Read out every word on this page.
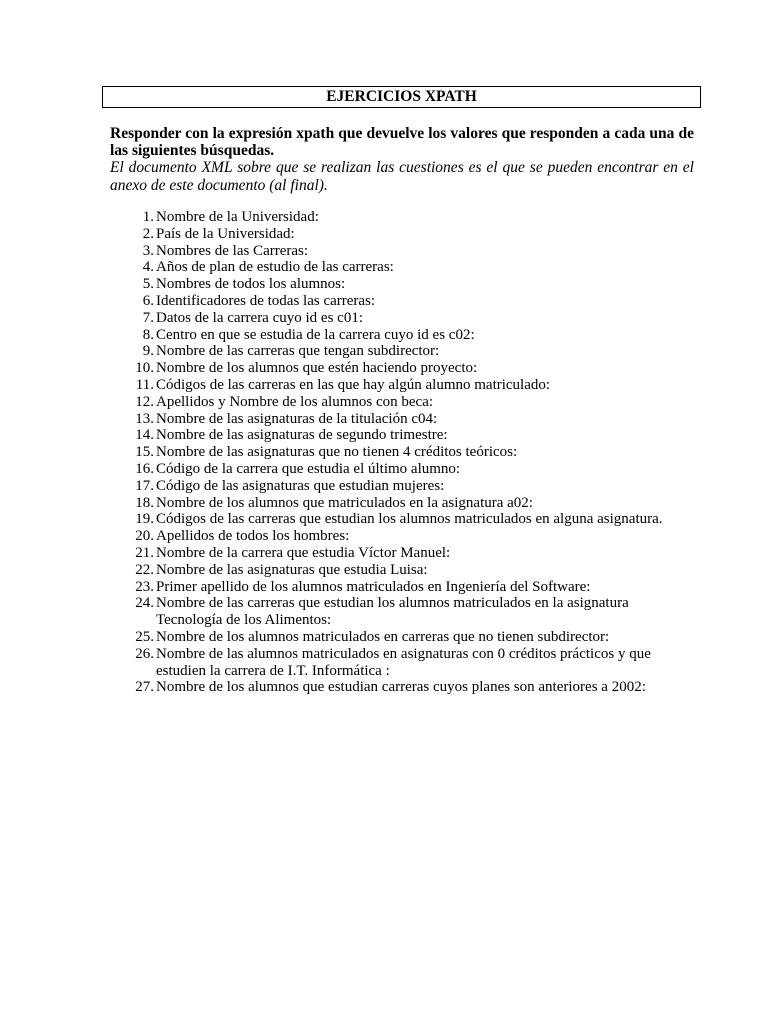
EJERCICIOS XPATH
Responder con la expresión xpath que devuelve los valores que responden a cada una de las siguientes búsquedas.
El documento XML sobre que se realizan las cuestiones es el que se pueden encontrar en el anexo de este documento (al final).
1. Nombre de la Universidad:
2. País de la Universidad:
3. Nombres de las Carreras:
4. Años de plan de estudio de las carreras:
5. Nombres de todos los alumnos:
6. Identificadores de todas las carreras:
7. Datos de la carrera cuyo id es c01:
8. Centro en que se estudia de la carrera cuyo id es c02:
9. Nombre de las carreras que tengan subdirector:
10. Nombre de los alumnos que estén haciendo proyecto:
11. Códigos de las carreras en las que hay algún alumno matriculado:
12. Apellidos y Nombre de los alumnos con beca:
13. Nombre de las asignaturas de la titulación c04:
14. Nombre de las asignaturas de segundo trimestre:
15. Nombre de las asignaturas que no tienen 4 créditos teóricos:
16. Código de la carrera que estudia el último alumno:
17. Código de las asignaturas que estudian mujeres:
18. Nombre de los alumnos que matriculados en la asignatura a02:
19. Códigos de las carreras que estudian los alumnos matriculados en alguna asignatura.
20. Apellidos de todos los hombres:
21. Nombre de la carrera que estudia Víctor Manuel:
22. Nombre de las asignaturas que estudia Luisa:
23. Primer apellido de los alumnos matriculados en Ingeniería del Software:
24. Nombre de las carreras que estudian los alumnos matriculados en la asignatura Tecnología de los Alimentos:
25. Nombre de los alumnos matriculados en carreras que no tienen subdirector:
26. Nombre de las alumnos matriculados en asignaturas con 0 créditos prácticos y que estudien la carrera de I.T. Informática :
27. Nombre de los alumnos que estudian carreras cuyos planes son anteriores a 2002:
